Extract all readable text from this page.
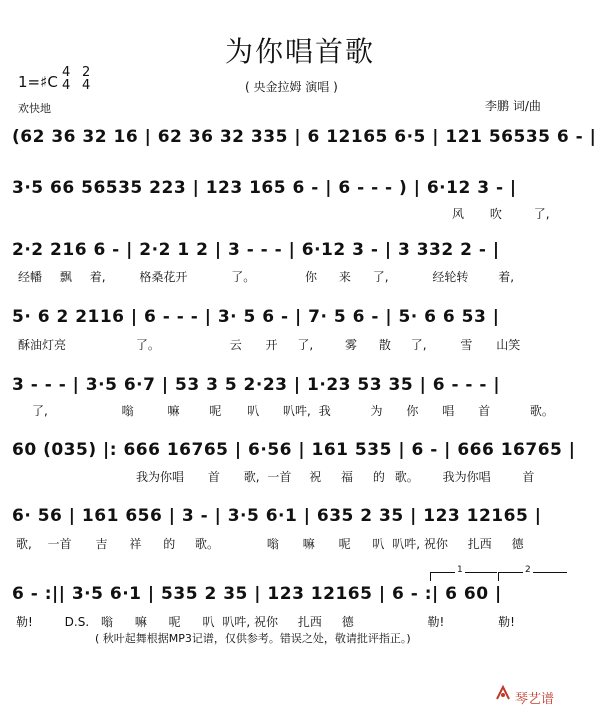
为你唱首歌
1=♯C
4
4
2
4	( 央金拉姆 演唱 )
欢快地	李鹏 词/曲
(62 36 32 16 | 62 36 32 335 | 6 12165 6·5 | 121 56535 6 - |
3·5 66 56535 223 | 123 165 6 - | 6 - - - ) | 6·12 3 - |
风 吹	了,
2·2 216 6 - | 2·2 1 2 | 3 - - - | 6·12 3 - | 3 332 2 - |
经幡 飘 着,	格桑花开	了。	你 来 了,	经轮转 着,
5· 6 2 2116 | 6 - - - | 3· 5 6 - | 7· 5 6 - | 5· 6 6 53 |
酥油灯亮	了。	云 开 了,	雾 散 了,	雪 山笑
3 - - - | 3·5 6·7 | 53 3 5 2·23 | 1·23 53 35 | 6 - - - |
了,	嗡	嘛 呢 叭 叭吽, 我	为 你 唱 首	歌。
60 (035) |: 666 16765 | 6·56 | 161 535 | 6 - | 666 16765 |
我为你唱 首 歌, 一首 祝 福 的 歌。 我为你唱	首
6· 56 | 161 656 | 3 - | 3·5 6·1 | 635 2 35 | 123 12165 |
歌, 一首 吉 祥 的 歌。	嗡 嘛 呢 叭 叭吽, 祝你 扎西 德
1	2
6 - :|| 3·5 6·1 | 535 2 35 | 123 12165 | 6 - :| 6 60 |
勒!	D.S. 嗡 嘛 呢 叭 叭吽, 祝你 扎西 德	勒!	勒!
( 秋叶起舞根据MP3记谱，仅供参考。错误之处，敬请批评指正。)
琴艺谱
